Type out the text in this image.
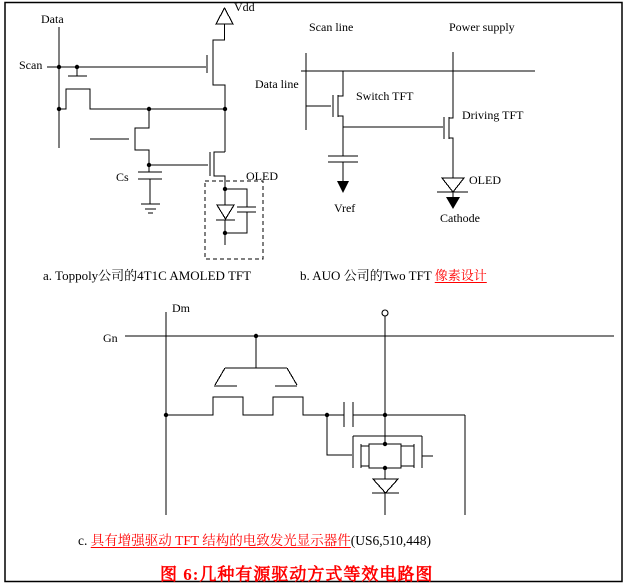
Data
Scan
Vdd
Cs	OLED
Scan line	Power supply
Data line
Switch TFT
Driving TFT
Vref
OLED
Cathode
Dm
Gn
a. Toppoly公司的4T1C AMOLED TFT	b. AUO 公司的Two TFT 像素设计
c. 具有增强驱动 TFT 结构的电致发光显示器件(US6,510,448)
图 6:几种有源驱动方式等效电路图
